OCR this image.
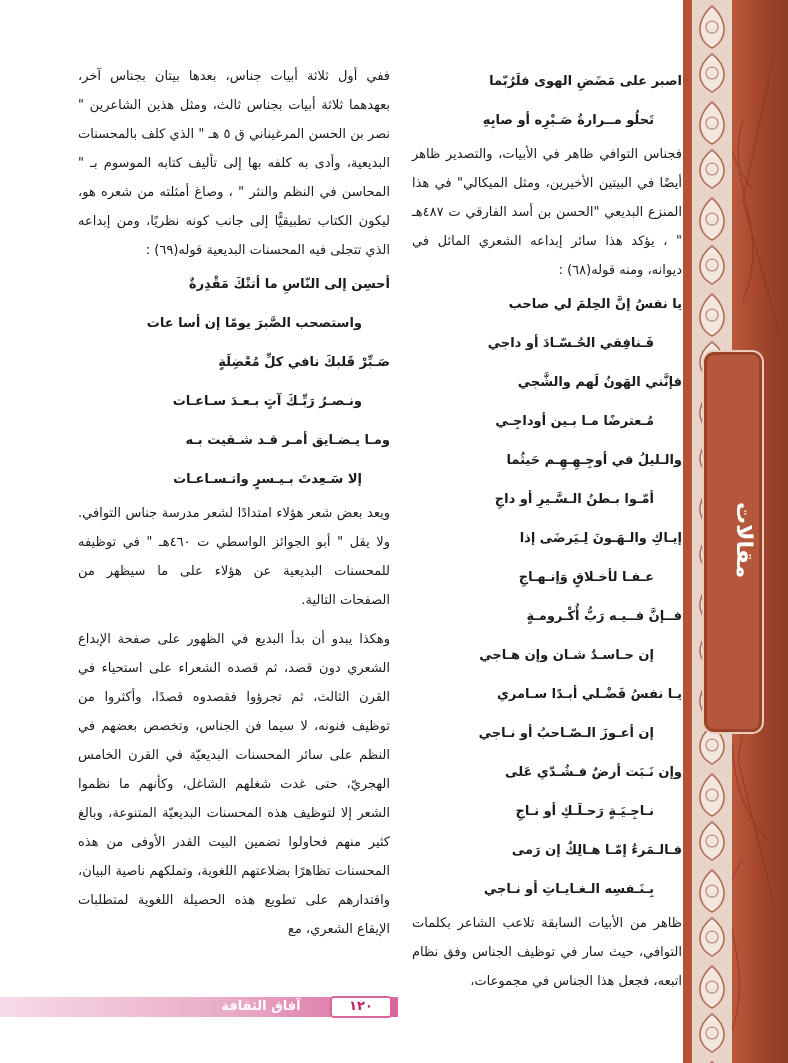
مقالات
اصبر على مَضَضِ الهوى فلَرُبّما
تَحلُو مــرارةُ صَـبْرِه أو صابِهِ
فجناس التوافي ظاهر في الأبيات، والتصدير ظاهر أيضًا في البيتين الأخيرين، ومثل الميكالي" في هذا المنزع البديعي "الحسن بن أسد الفارقي ت ٤٨٧هـ " ، يؤكد هذا سائر إبداعه الشعري الماثل في ديوانه، ومنه قوله(٦٨) :
يا نفسُ إنَّ الحِلمَ لي صاحب
فَـنافِقي الحُـسّـادَ أو داجي
فإنَّني الهَونُ لَهم والشَّجي
مُـعترضًا مـا بـين أوداجِـي
والـليلُ في أوجِـهِـهِـم حَيثُما
أمّـوا بـطنُ الـسَّـيرِ أو داجِ
إيـاكِ والـهَـونَ لِـيَرضَى إذا
عـفـا لأخـلاقٍ وَإنـهـاجِ
فــإنَّ فــيـه رَبُّ أُكْـرومـةٍ
إن حـاسـدٌ شـان وإن هـاجي
يـا نفسُ فَضْـلي أبـدًا سـامري
إن أعـوزَ الـصّـاحبُ أو نـاجي
وإن نَـبَت أرضٌ فـشُـدّي عَلى
نـاجِـيَـةٍ رَحـلَـكِ أو نـاجِ
فـالـمَرءُ إمّـا هـالِكٌ إن رَمى
بِـنَـفسِه الـغـايـاتِ أو نـاجي
ظاهر من الأبيات السابقة تلاعب الشاعر بكلمات التوافي، حيث سار في توظيف الجناس وفق نظام اتبعه، فجعل هذا الجناس في مجموعات،
ففي أول ثلاثة أبيات جناس، بعدها بيتان بجناس آخر، بعهدهما ثلاثة أبيات بجناس ثالث، ومثل هذين الشاعرين " نصر بن الحسن المرغيناني ق ٥ هـ " الذي كلف بالمحسنات البديعية، وأدى به كلفه بها إلى تأليف كتابه الموسوم بـ " المحاسن في النظم والنثر " ، وصاغ أمثلته من شعره هو، ليكون الكتاب تطبيقيًّا إلى جانب كونه نظريًا، ومن إبداعه الذي تتجلى فيه المحسنات البديعية قوله(٦٩) :
أحسِن إلى النّاسِ ما أتتْكَ مَقْدِرةٌ
واستصحب الصَّبرَ يومًا إن أسا عات
صَـبِّرْ قَلبكَ نافي كلِّ مُعْضِلَةٍ
ونـصـرُ رَبِّـكَ آتٍ بـعـدَ سـاعـات
ومـا يـضـايق أمـر قـد شـقيت بـه
إلا سَـعِدتَ بـيـسرٍ واتـسـاعـات
ويعد بعض شعر هؤلاء امتدادًا لشعر مدرسة جناس التوافي. ولا يقل " أبو الجوائز الواسطي ت ٤٦٠هـ " في توظيفه للمحسنات البديعية عن هؤلاء على ما سيظهر من الصفحات التالية.
وهكذا يبدو أن بدأ البديع في الظهور على صفحة الإبداع الشعري دون قصد، ثم قصده الشعراء على استحياء في القرن الثالث، ثم تجرؤوا فقصدوه قصدًا، وأكثروا من توظيف فنونه، لا سيما فن الجناس، وتخصص بعضهم في النظم على سائر المحسنات البديعيّة في القرن الخامس الهجريّ، حتى غدت شغلهم الشاغل، وكأنهم ما نظموا الشعر إلا لتوظيف هذه المحسنات البديعيّة المتنوعة، وبالغ كثير منهم فحاولوا تضمين البيت القدر الأوفى من هذه المحسنات تظاهرًا بضلاعتهم اللغوية، وتملكهم ناصية البيان، واقتدارهم على تطويع هذه الحصيلة اللغوية لمتطلبات الإيقاع الشعري، مع
آفاق الثقافة والتراث
١٢٠
